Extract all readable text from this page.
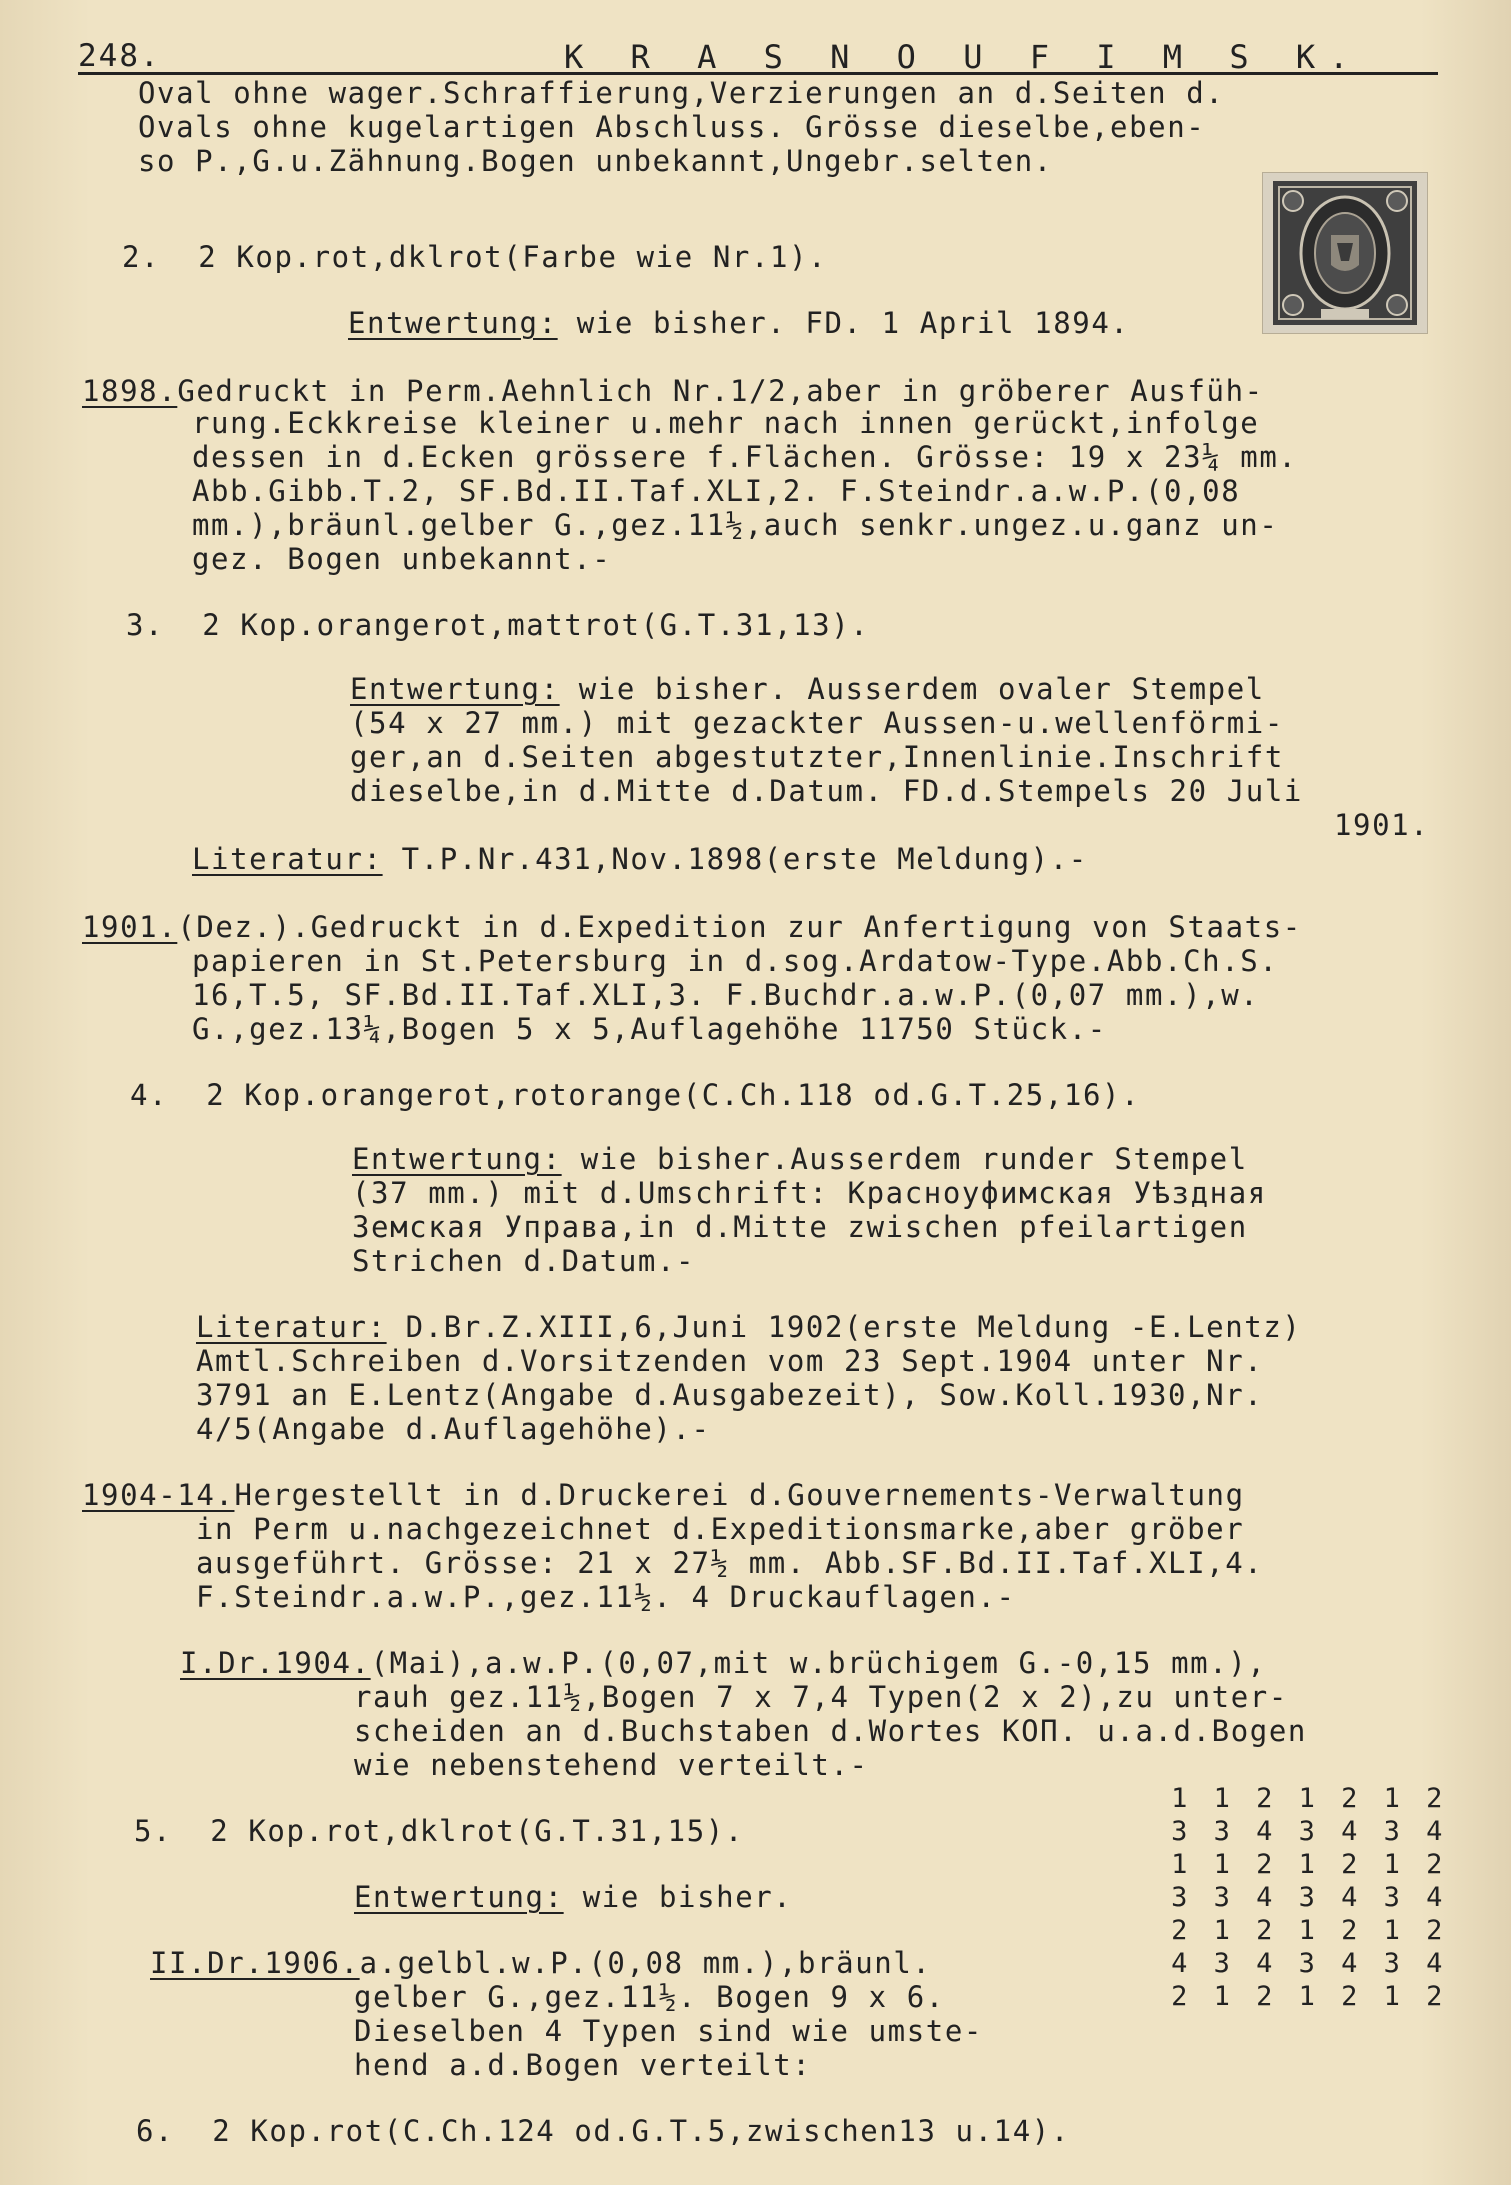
248.	K R A S N O U F I M S K.
Oval ohne wager.Schraffierung,Verzierungen an d.Seiten d.
Ovals ohne kugelartigen Abschluss. Grösse dieselbe,eben-
so P.,G.u.Zähnung.Bogen unbekannt,Ungebr.selten.
2.  2 Kop.rot,dklrot(Farbe wie Nr.1).
Entwertung: wie bisher. FD. 1 April 1894.
1898.Gedruckt in Perm.Aehnlich Nr.1/2,aber in gröberer Ausfüh-
rung.Eckkreise kleiner u.mehr nach innen gerückt,infolge
dessen in d.Ecken grössere f.Flächen. Grösse: 19 x 23¼ mm.
Abb.Gibb.T.2, SF.Bd.II.Taf.XLI,2. F.Steindr.a.w.P.(0,08
mm.),bräunl.gelber G.,gez.11½,auch senkr.ungez.u.ganz un-
gez. Bogen unbekannt.-
3.  2 Kop.orangerot,mattrot(G.T.31,13).
Entwertung: wie bisher. Ausserdem ovaler Stempel
(54 x 27 mm.) mit gezackter Aussen-u.wellenförmi-
ger,an d.Seiten abgestutzter,Innenlinie.Inschrift
dieselbe,in d.Mitte d.Datum. FD.d.Stempels 20 Juli
1901.
Literatur: T.P.Nr.431,Nov.1898(erste Meldung).-
1901.(Dez.).Gedruckt in d.Expedition zur Anfertigung von Staats-
papieren in St.Petersburg in d.sog.Ardatow-Type.Abb.Ch.S.
16,T.5, SF.Bd.II.Taf.XLI,3. F.Buchdr.a.w.P.(0,07 mm.),w.
G.,gez.13¼,Bogen 5 x 5,Auflagehöhe 11750 Stück.-
4.  2 Kop.orangerot,rotorange(C.Ch.118 od.G.T.25,16).
Entwertung: wie bisher.Ausserdem runder Stempel
(37 mm.) mit d.Umschrift: Красноуфимская Уѣздная
Земская Управа,in d.Mitte zwischen pfeilartigen
Strichen d.Datum.-
Literatur: D.Br.Z.XIII,6,Juni 1902(erste Meldung -E.Lentz)
Amtl.Schreiben d.Vorsitzenden vom 23 Sept.1904 unter Nr.
3791 an E.Lentz(Angabe d.Ausgabezeit), Sow.Koll.1930,Nr.
4/5(Angabe d.Auflagehöhe).-
1904-14.Hergestellt in d.Druckerei d.Gouvernements-Verwaltung
in Perm u.nachgezeichnet d.Expeditionsmarke,aber gröber
ausgeführt. Grösse: 21 x 27½ mm. Abb.SF.Bd.II.Taf.XLI,4.
F.Steindr.a.w.P.,gez.11½. 4 Druckauflagen.-
I.Dr.1904.(Mai),a.w.P.(0,07,mit w.brüchigem G.-0,15 mm.),
rauh gez.11½,Bogen 7 x 7,4 Typen(2 x 2),zu unter-
scheiden an d.Buchstaben d.Wortes КОП. u.a.d.Bogen
wie nebenstehend verteilt.-
1 1 2 1 2 1 2
3 3 4 3 4 3 4
1 1 2 1 2 1 2
3 3 4 3 4 3 4
2 1 2 1 2 1 2
4 3 4 3 4 3 4
2 1 2 1 2 1 2
5.  2 Kop.rot,dklrot(G.T.31,15).
Entwertung: wie bisher.
II.Dr.1906.a.gelbl.w.P.(0,08 mm.),bräunl.
gelber G.,gez.11½. Bogen 9 x 6.
Dieselben 4 Typen sind wie umste-
hend a.d.Bogen verteilt:
6.  2 Kop.rot(C.Ch.124 od.G.T.5,zwischen13 u.14).
